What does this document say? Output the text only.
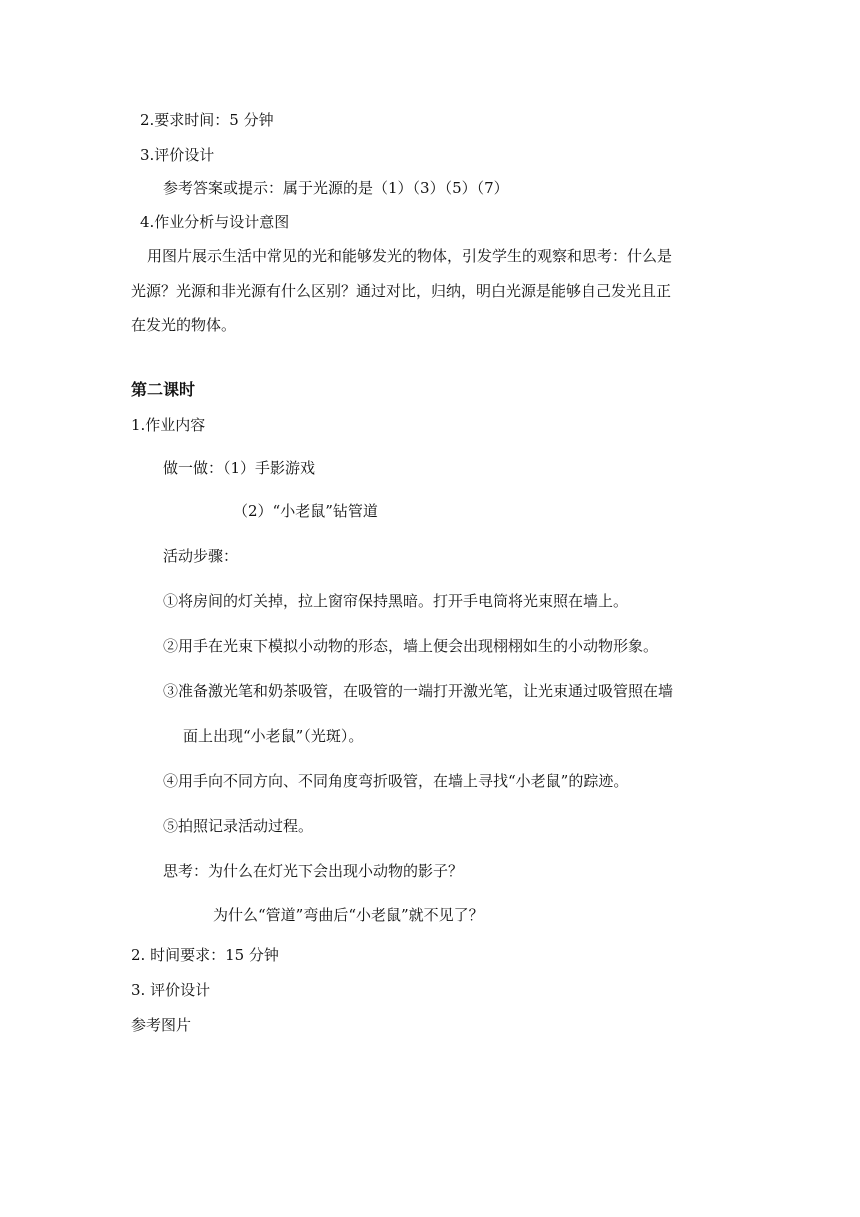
2.要求时间：5 分钟
3.评价设计
参考答案或提示：属于光源的是（1）（3）（5）（7）
4.作业分析与设计意图
用图片展示生活中常见的光和能够发光的物体，引发学生的观察和思考：什么是
光源？光源和非光源有什么区别？通过对比，归纳，明白光源是能够自己发光且正
在发光的物体。
第二课时
1.作业内容
做一做：（1）手影游戏
（2）“小老鼠”钻管道
活动步骤：
①将房间的灯关掉，拉上窗帘保持黑暗。打开手电筒将光束照在墙上。
②用手在光束下模拟小动物的形态，墙上便会出现栩栩如生的小动物形象。
③准备激光笔和奶茶吸管，在吸管的一端打开激光笔，让光束通过吸管照在墙
面上出现“小老鼠”（光斑）。
④用手向不同方向、不同角度弯折吸管，在墙上寻找“小老鼠”的踪迹。
⑤拍照记录活动过程。
思考：为什么在灯光下会出现小动物的影子？
为什么“管道”弯曲后“小老鼠”就不见了？
2. 时间要求：15 分钟
3. 评价设计
参考图片
